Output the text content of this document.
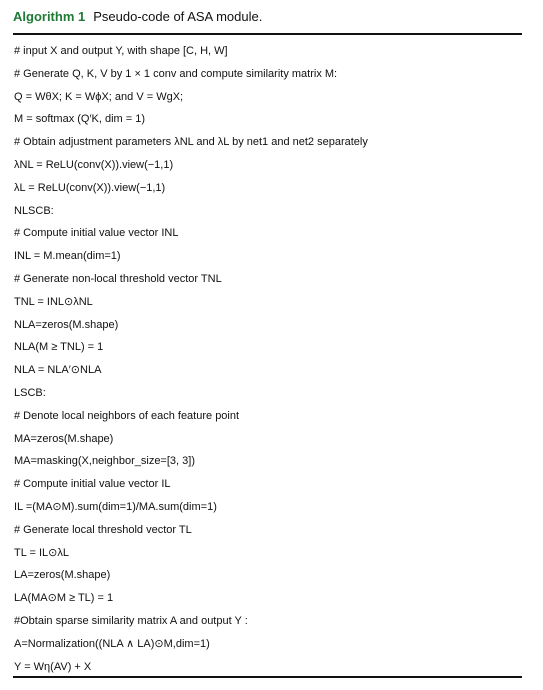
Algorithm 1 Pseudo-code of ASA module.
# input X and output Y, with shape [C, H, W]
# Generate Q, K, V by 1 × 1 conv and compute similarity matrix M:
Q = WθX; K = WϕX; and V = WgX;
M = softmax (Q′K, dim = 1)
# Obtain adjustment parameters λNL and λL by net1 and net2 separately
λNL = ReLU(conv(X)).view(−1,1)
λL = ReLU(conv(X)).view(−1,1)
NLSCB:
# Compute initial value vector INL
INL = M.mean(dim=1)
# Generate non-local threshold vector TNL
TNL = INL⊙λNL
NLA=zeros(M.shape)
NLA(M ≥ TNL) = 1
NLA = NLA′⊙NLA
LSCB:
# Denote local neighbors of each feature point
MA=zeros(M.shape)
MA=masking(X,neighbor_size=[3, 3])
# Compute initial value vector IL
IL =(MA⊙M).sum(dim=1)/MA.sum(dim=1)
# Generate local threshold vector TL
TL = IL⊙λL
LA=zeros(M.shape)
LA(MA⊙M ≥ TL) = 1
#Obtain sparse similarity matrix A and output Y :
A=Normalization((NLA ∧ LA)⊙M,dim=1)
Y = Wη(AV) + X
